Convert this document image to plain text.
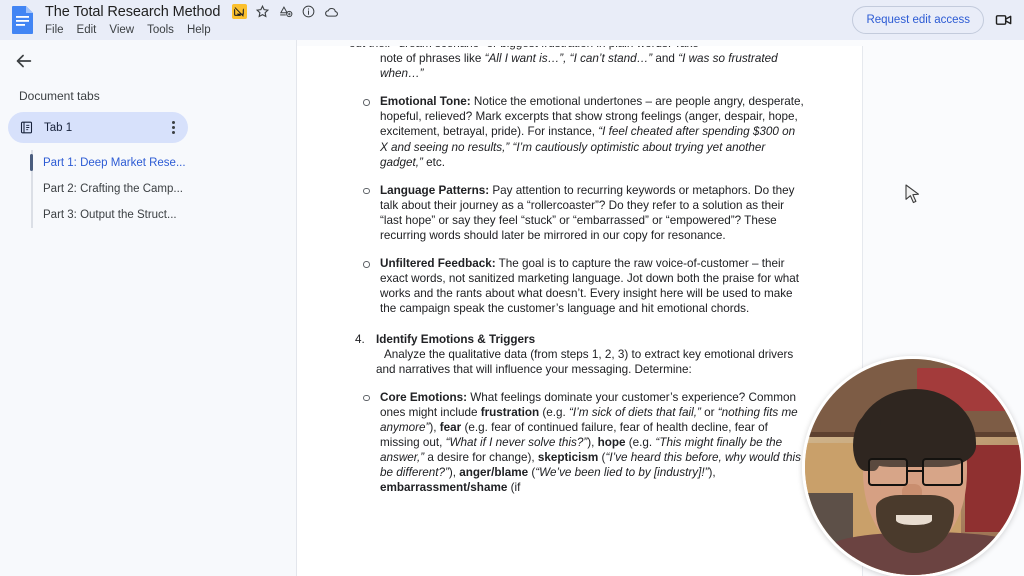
The Total Research Method
File Edit View Tools Help
Request edit access
Document tabs
Tab 1
Part 1: Deep Market Rese...
Part 2: Crafting the Camp...
Part 3: Output the Struct...

note of phrases like “All I want is…”, “I can’t stand…” and “I was so frustrated when…”

Emotional Tone: Notice the emotional undertones – are people angry, desperate, hopeful, relieved? Mark excerpts that show strong feelings (anger, despair, hope, excitement, betrayal, pride). For instance, “I feel cheated after spending $300 on X and seeing no results,” “I’m cautiously optimistic about trying yet another gadget,” etc.

Language Patterns: Pay attention to recurring keywords or metaphors. Do they talk about their journey as a “rollercoaster”? Do they refer to a solution as their “last hope” or say they feel “stuck” or “embarrassed” or “empowered”? These recurring words should later be mirrored in our copy for resonance.

Unfiltered Feedback: The goal is to capture the raw voice-of-customer – their exact words, not sanitized marketing language. Jot down both the praise for what works and the rants about what doesn’t. Every insight here will be used to make the campaign speak the customer’s language and hit emotional chords.

4. Identify Emotions & Triggers
Analyze the qualitative data (from steps 1, 2, 3) to extract key emotional drivers and narratives that will influence your messaging. Determine:

Core Emotions: What feelings dominate your customer’s experience? Common ones might include frustration (e.g. “I’m sick of diets that fail,” or “nothing fits me anymore”), fear (e.g. fear of continued failure, fear of health decline, fear of missing out, “What if I never solve this?”), hope (e.g. “This might finally be the answer,” a desire for change), skepticism (“I’ve heard this before, why would this be different?”), anger/blame (“We’ve been lied to by [industry]!”), embarrassment/shame (if
